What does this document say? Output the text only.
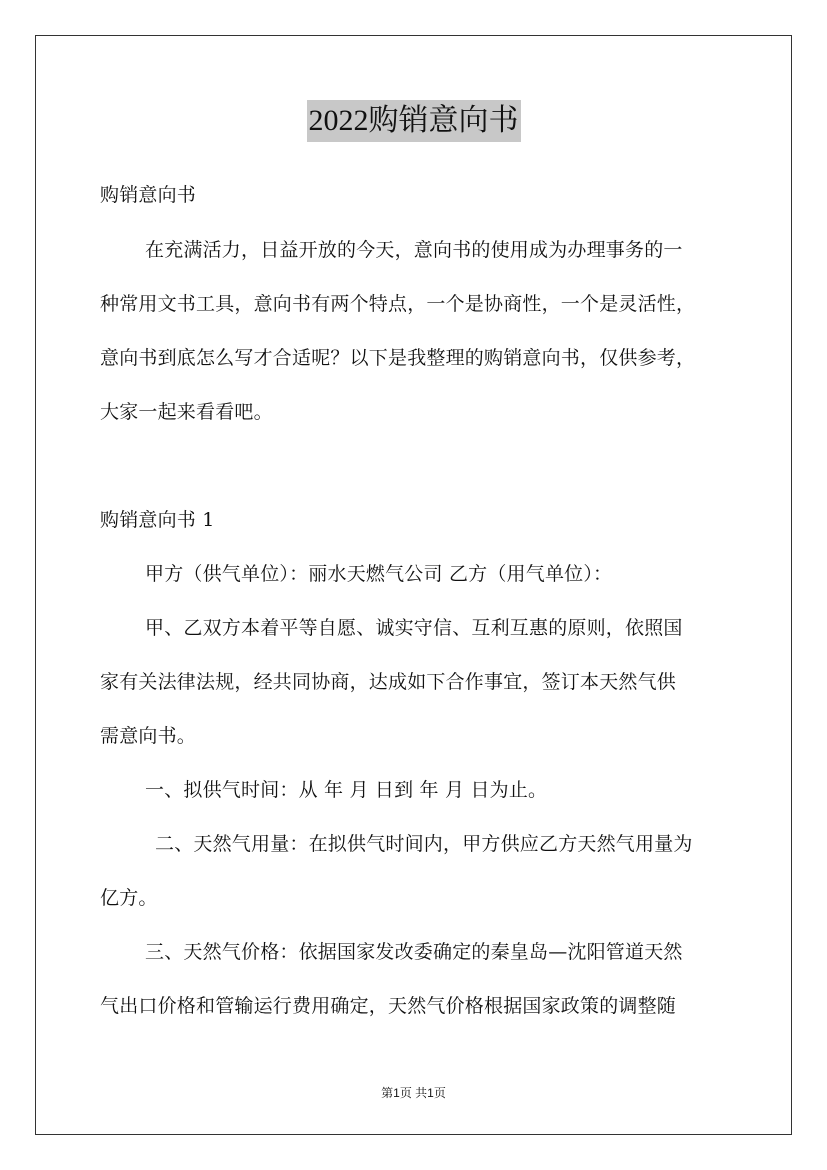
2022购销意向书
购销意向书
在充满活力，日益开放的今天，意向书的使用成为办理事务的一
种常用文书工具，意向书有两个特点，一个是协商性，一个是灵活性，
意向书到底怎么写才合适呢？以下是我整理的购销意向书，仅供参考，
大家一起来看看吧。
购销意向书 1
甲方（供气单位）：丽水天燃气公司 乙方（用气单位）：
甲、乙双方本着平等自愿、诚实守信、互利互惠的原则，依照国
家有关法律法规，经共同协商，达成如下合作事宜，签订本天然气供
需意向书。
一、拟供气时间：从 年 月 日到 年 月 日为止。
二、天然气用量：在拟供气时间内，甲方供应乙方天然气用量为
亿方。
三、天然气价格：依据国家发改委确定的秦皇岛—沈阳管道天然
气出口价格和管输运行费用确定，天然气价格根据国家政策的调整随
第1页 共1页
